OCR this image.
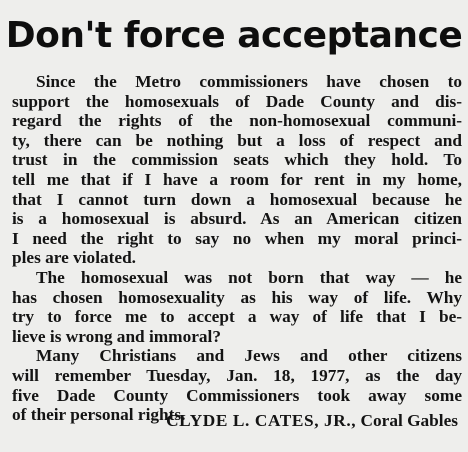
Don't force acceptance
Since the Metro commissioners have chosen to
support the homosexuals of Dade County and dis-
regard the rights of the non-homosexual communi-
ty, there can be nothing but a loss of respect and
trust in the commission seats which they hold. To
tell me that if I have a room for rent in my home,
that I cannot turn down a homosexual because he
is a homosexual is absurd. As an American citizen
I need the right to say no when my moral princi-
ples are violated.
The homosexual was not born that way — he
has chosen homosexuality as his way of life. Why
try to force me to accept a way of life that I be-
lieve is wrong and immoral?
Many Christians and Jews and other citizens
will remember Tuesday, Jan. 18, 1977, as the day
five Dade County Commissioners took away some
of their personal rights.
CLYDE L. CATES, JR., Coral Gables
